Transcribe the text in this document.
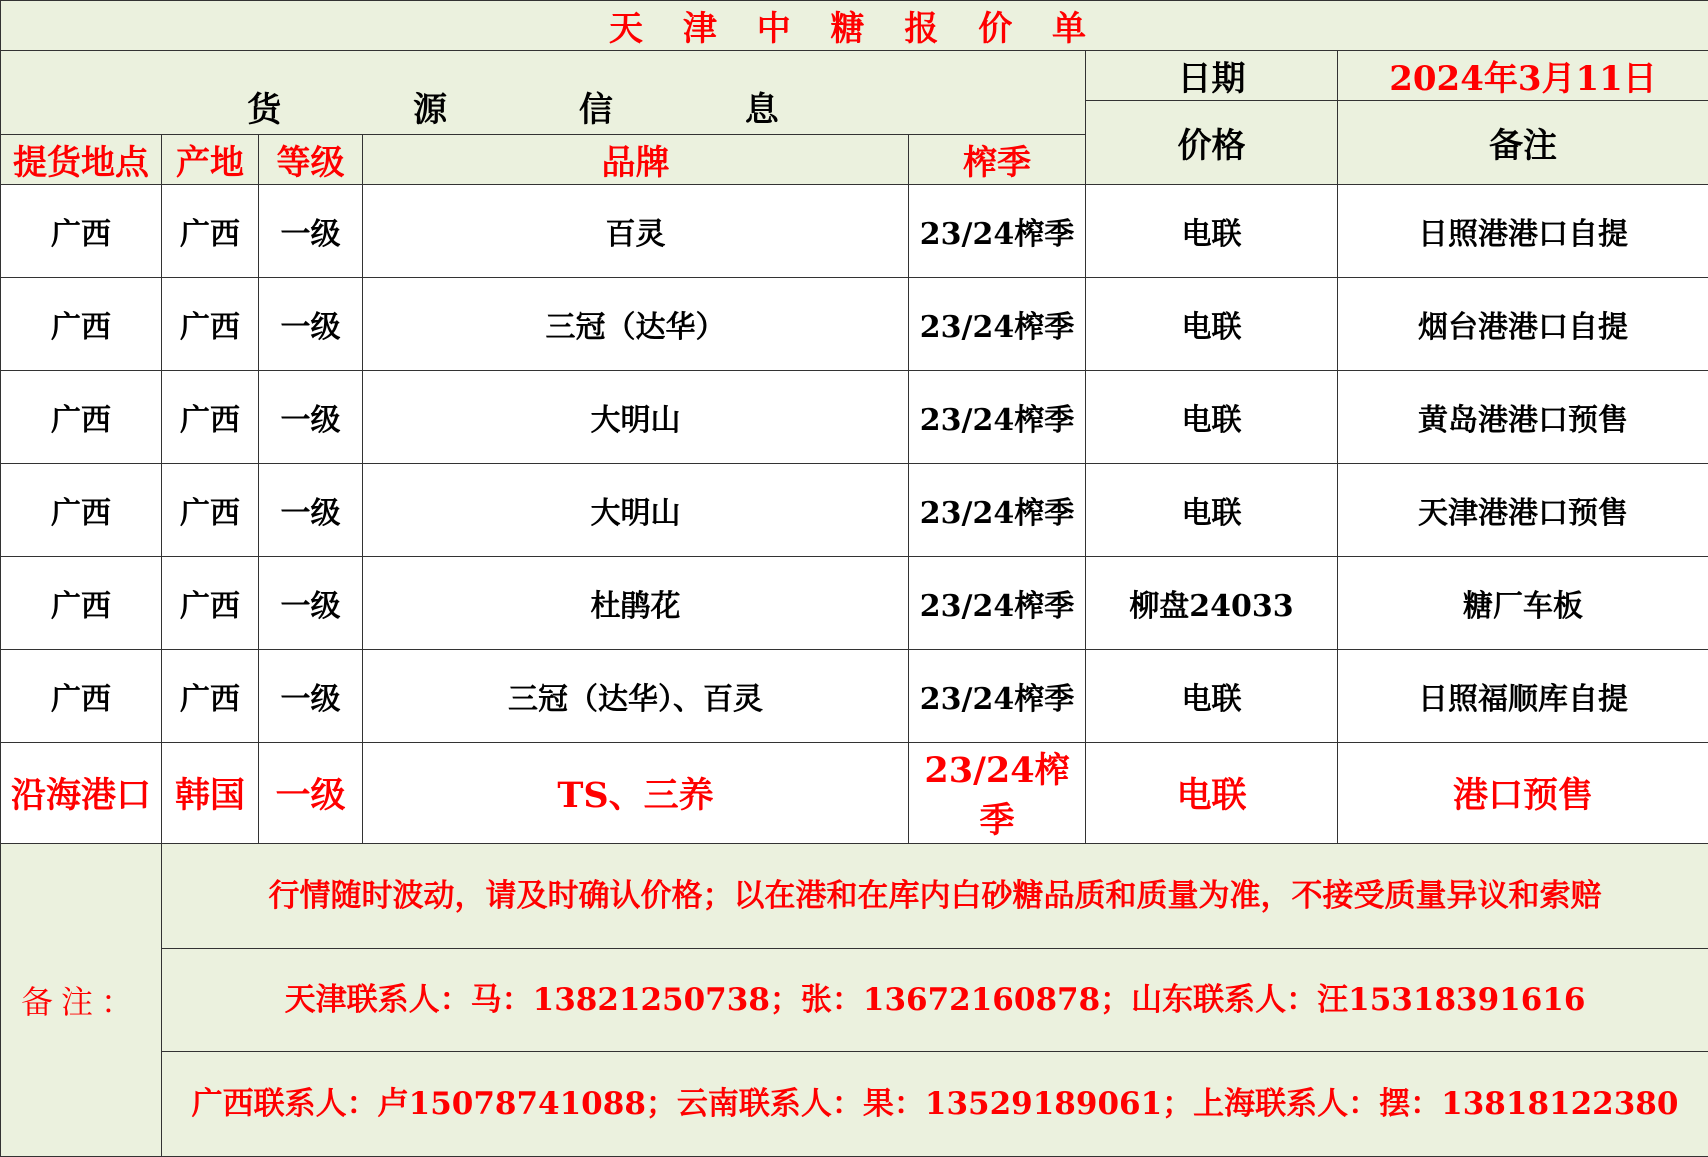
天 津 中 糖 报 价 单						
货 源 信 息					日期	2024年3月11日
					价格	备注
提货地点	产地	等级	品牌	榨季		
广西	广西	一级	百灵	23/24榨季	电联	日照港港口自提
广西	广西	一级	三冠（达华）	23/24榨季	电联	烟台港港口自提
广西	广西	一级	大明山	23/24榨季	电联	黄岛港港口预售
广西	广西	一级	大明山	23/24榨季	电联	天津港港口预售
广西	广西	一级	杜鹃花	23/24榨季	柳盘24033	糖厂车板
广西	广西	一级	三冠（达华）、百灵	23/24榨季	电联	日照福顺库自提
沿海港口	韩国	一级	TS、三养	23/24榨季	电联	港口预售
备注：	行情随时波动，请及时确认价格；以在港和在库内白砂糖品质和质量为准，不接受质量异议和索赔					
	天津联系人：马：13821250738；张：13672160878；山东联系人：汪15318391616					
	广西联系人：卢15078741088；云南联系人：果：13529189061；上海联系人：摆：13818122380					
